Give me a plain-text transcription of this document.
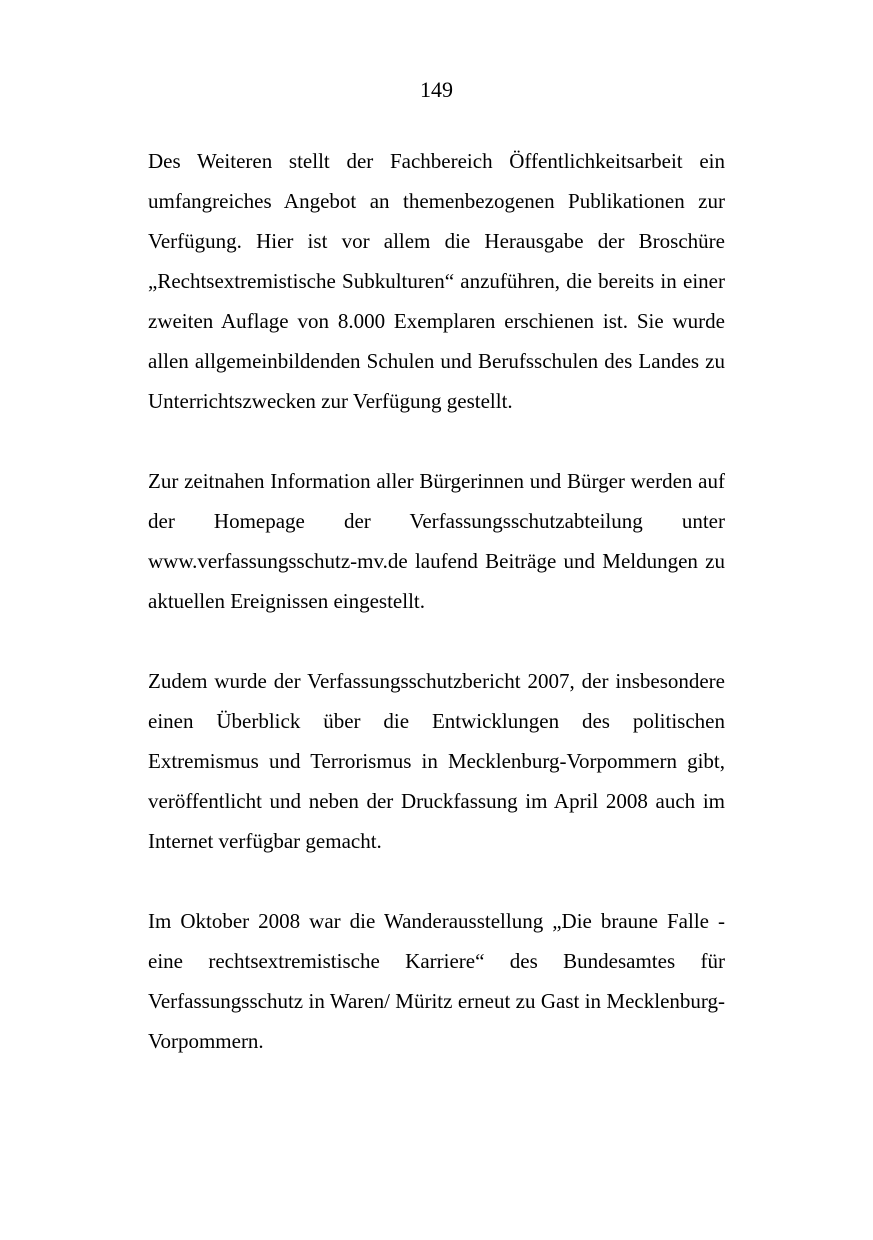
149

Des Weiteren stellt der Fachbereich Öffentlichkeitsarbeit ein umfangreiches Angebot an themenbezogenen Publikationen zur Verfügung. Hier ist vor allem die Herausgabe der Broschüre „Rechtsextremistische Subkulturen“ anzuführen, die bereits in einer zweiten Auflage von 8.000 Exemplaren erschienen ist. Sie wurde allen allgemeinbildenden Schulen und Berufsschulen des Landes zu Unterrichtszwecken zur Verfügung gestellt.

Zur zeitnahen Information aller Bürgerinnen und Bürger werden auf der Homepage der Verfassungsschutzabteilung unter www.verfassungsschutz-mv.de laufend Beiträge und Meldungen zu aktuellen Ereignissen eingestellt.

Zudem wurde der Verfassungsschutzbericht 2007, der insbesondere einen Überblick über die Entwicklungen des politischen Extremismus und Terrorismus in Mecklenburg-Vorpommern gibt, veröffentlicht und neben der Druckfassung im April 2008 auch im Internet verfügbar gemacht.

Im Oktober 2008 war die Wanderausstellung „Die braune Falle - eine rechtsextremistische Karriere“ des Bundesamtes für Verfassungsschutz in Waren/ Müritz erneut zu Gast in Mecklenburg-Vorpommern.
